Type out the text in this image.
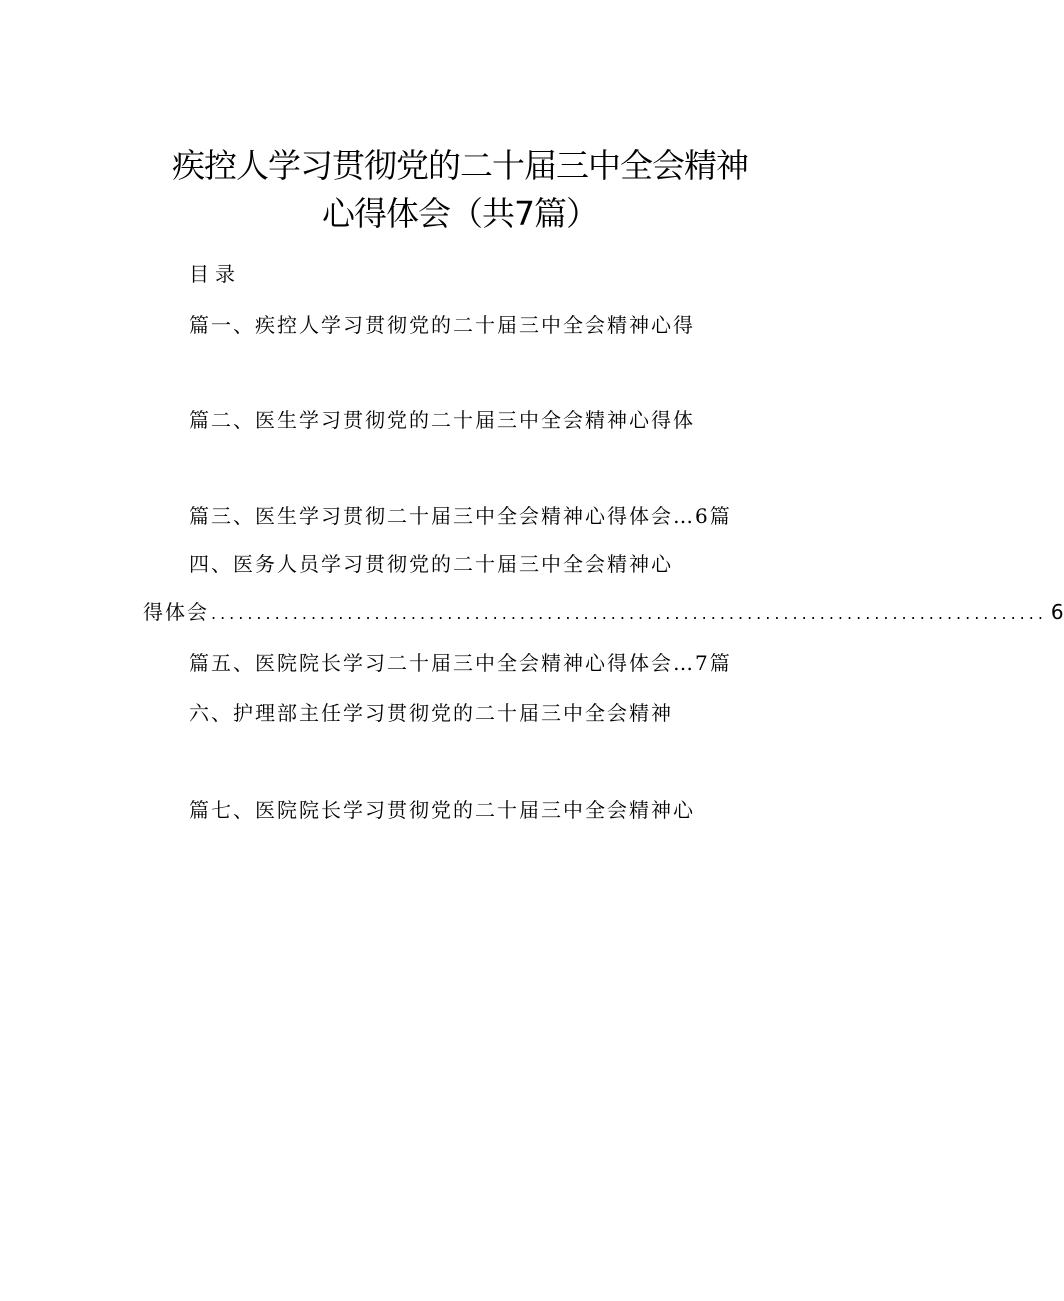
疾控人学习贯彻党的二十届三中全会精神
心得体会（共7篇）
目录
篇一、疾控人学习贯彻党的二十届三中全会精神心得
篇二、医生学习贯彻党的二十届三中全会精神心得体
篇三、医生学习贯彻二十届三中全会精神心得体会…6篇
四、医务人员学习贯彻党的二十届三中全会精神心
得体会 ............................................................................................ 6
篇五、医院院长学习二十届三中全会精神心得体会…7篇
六、护理部主任学习贯彻党的二十届三中全会精神
篇七、医院院长学习贯彻党的二十届三中全会精神心
